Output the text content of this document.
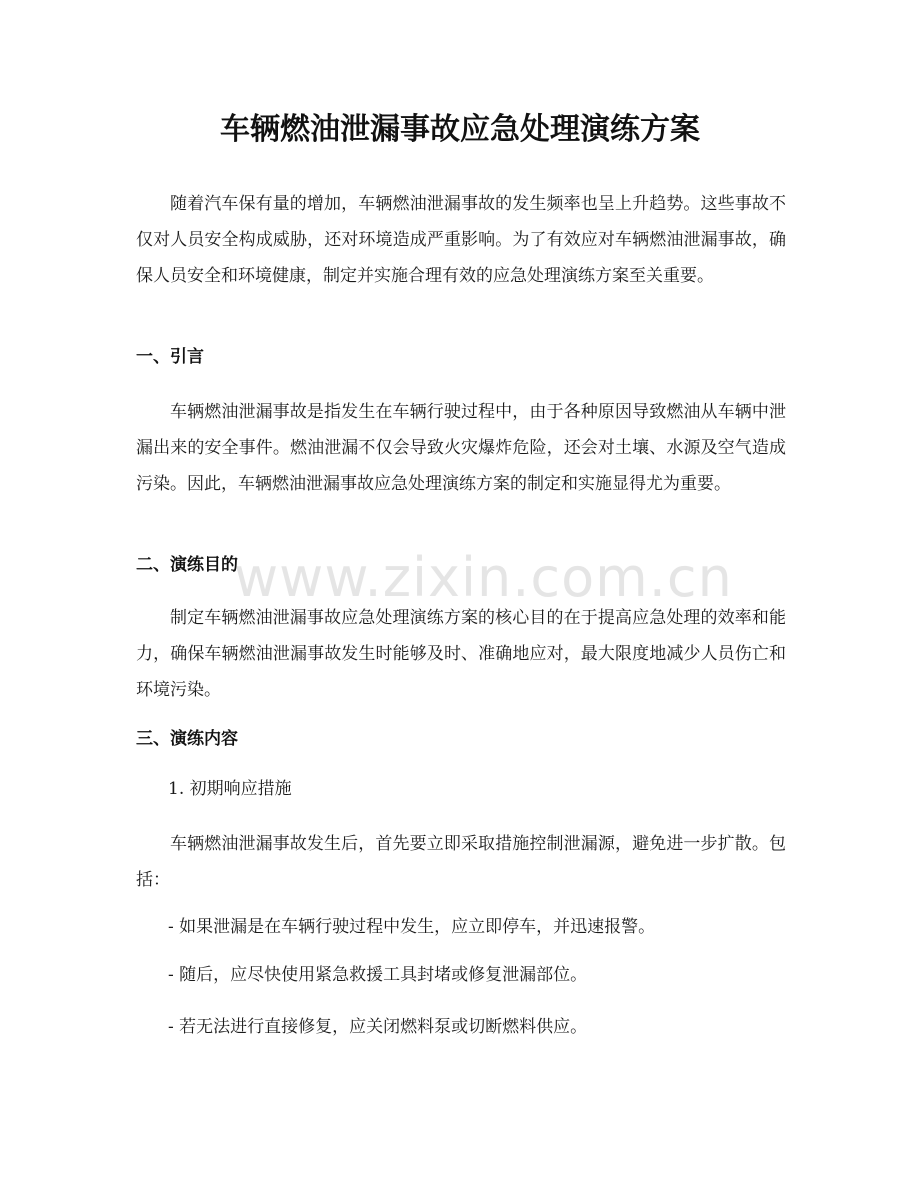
车辆燃油泄漏事故应急处理演练方案

随着汽车保有量的增加，车辆燃油泄漏事故的发生频率也呈上升趋势。这些事故不仅对人员安全构成威胁，还对环境造成严重影响。为了有效应对车辆燃油泄漏事故，确保人员安全和环境健康，制定并实施合理有效的应急处理演练方案至关重要。

一、引言

车辆燃油泄漏事故是指发生在车辆行驶过程中，由于各种原因导致燃油从车辆中泄漏出来的安全事件。燃油泄漏不仅会导致火灾爆炸危险，还会对土壤、水源及空气造成污染。因此，车辆燃油泄漏事故应急处理演练方案的制定和实施显得尤为重要。

二、演练目的

制定车辆燃油泄漏事故应急处理演练方案的核心目的在于提高应急处理的效率和能力，确保车辆燃油泄漏事故发生时能够及时、准确地应对，最大限度地减少人员伤亡和环境污染。

三、演练内容

1. 初期响应措施

车辆燃油泄漏事故发生后，首先要立即采取措施控制泄漏源，避免进一步扩散。包括：

- 如果泄漏是在车辆行驶过程中发生，应立即停车，并迅速报警。

- 随后，应尽快使用紧急救援工具封堵或修复泄漏部位。

- 若无法进行直接修复，应关闭燃料泵或切断燃料供应。

www.zixin.com.cn
